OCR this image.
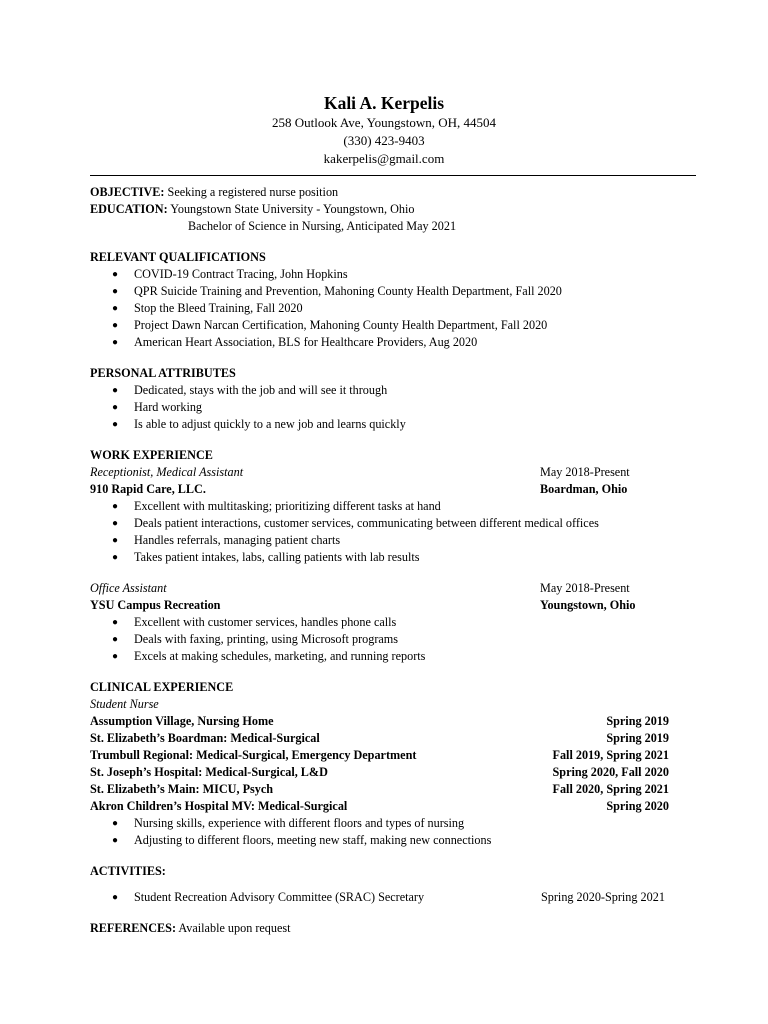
Kali A. Kerpelis
258 Outlook Ave, Youngstown, OH, 44504
(330) 423-9403
kakerpelis@gmail.com
OBJECTIVE: Seeking a registered nurse position
EDUCATION: Youngstown State University - Youngstown, Ohio
Bachelor of Science in Nursing, Anticipated May 2021
RELEVANT QUALIFICATIONS
● COVID-19 Contract Tracing, John Hopkins
● QPR Suicide Training and Prevention, Mahoning County Health Department, Fall 2020
● Stop the Bleed Training, Fall 2020
● Project Dawn Narcan Certification, Mahoning County Health Department, Fall 2020
● American Heart Association, BLS for Healthcare Providers, Aug 2020
PERSONAL ATTRIBUTES
● Dedicated, stays with the job and will see it through
● Hard working
● Is able to adjust quickly to a new job and learns quickly
WORK EXPERIENCE
Receptionist, Medical Assistant	May 2018-Present
910 Rapid Care, LLC.	Boardman, Ohio
● Excellent with multitasking; prioritizing different tasks at hand
● Deals patient interactions, customer services, communicating between different medical offices
● Handles referrals, managing patient charts
● Takes patient intakes, labs, calling patients with lab results
Office Assistant	May 2018-Present
YSU Campus Recreation	Youngstown, Ohio
● Excellent with customer services, handles phone calls
● Deals with faxing, printing, using Microsoft programs
● Excels at making schedules, marketing, and running reports
CLINICAL EXPERIENCE
Student Nurse
Assumption Village, Nursing Home	Spring 2019
St. Elizabeth’s Boardman: Medical-Surgical	Spring 2019
Trumbull Regional: Medical-Surgical, Emergency Department	Fall 2019, Spring 2021
St. Joseph’s Hospital: Medical-Surgical, L&D	Spring 2020, Fall 2020
St. Elizabeth’s Main: MICU, Psych	Fall 2020, Spring 2021
Akron Children’s Hospital MV: Medical-Surgical	Spring 2020
● Nursing skills, experience with different floors and types of nursing
● Adjusting to different floors, meeting new staff, making new connections
ACTIVITIES:
● Student Recreation Advisory Committee (SRAC) Secretary	Spring 2020-Spring 2021
REFERENCES: Available upon request
